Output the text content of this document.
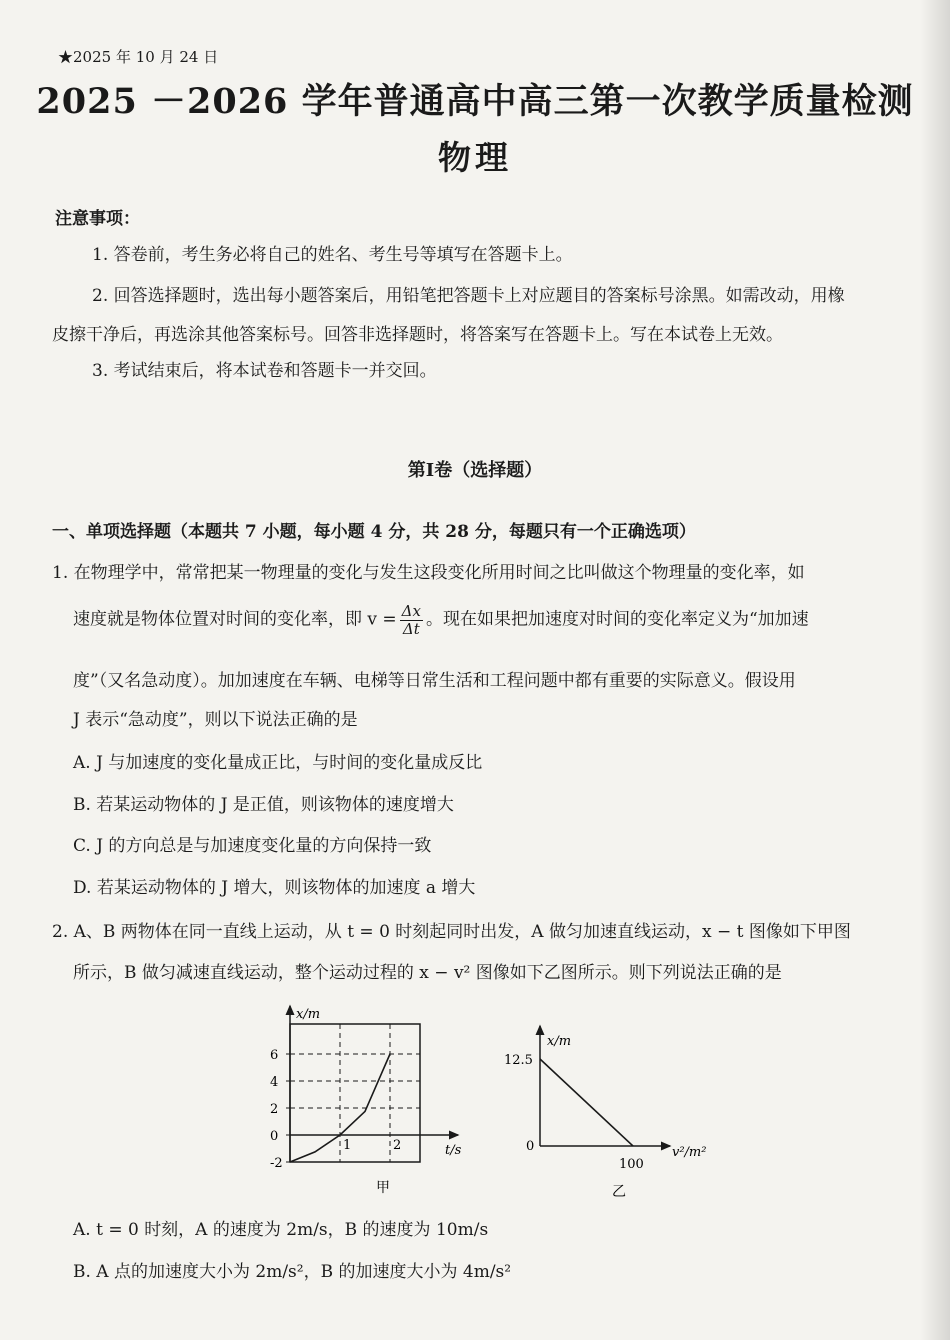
★2025 年 10 月 24 日
2025 －2026 学年普通高中高三第一次教学质量检测
物理
注意事项：
1. 答卷前，考生务必将自己的姓名、考生号等填写在答题卡上。
2. 回答选择题时，选出每小题答案后，用铅笔把答题卡上对应题目的答案标号涂黑。如需改动，用橡
皮擦干净后，再选涂其他答案标号。回答非选择题时，将答案写在答题卡上。写在本试卷上无效。
3. 考试结束后，将本试卷和答题卡一并交回。
第Ⅰ卷（选择题）
一、单项选择题（本题共 7 小题，每小题 4 分，共 28 分，每题只有一个正确选项）
1. 在物理学中，常常把某一物理量的变化与发生这段变化所用时间之比叫做这个物理量的变化率，如
速度就是物体位置对时间的变化率，即 $v = \frac{\Delta x}{\Delta t}$ 。现在如果把加速度对时间的变化率定义为“加加速
度”（又名急动度）。加加速度在车辆、电梯等日常生活和工程问题中都有重要的实际意义。假设用
J 表示“急动度”，则以下说法正确的是
A. J 与加速度的变化量成正比，与时间的变化量成反比
B. 若某运动物体的 J 是正值，则该物体的速度增大
C. J 的方向总是与加速度变化量的方向保持一致
D. 若某运动物体的 J 增大，则该物体的加速度 a 增大
2. A、B 两物体在同一直线上运动，从 t = 0 时刻起同时出发，A 做匀加速直线运动，x − t 图像如下甲图
所示，B 做匀减速直线运动，整个运动过程的 x − v² 图像如下乙图所示。则下列说法正确的是
-2
0
2
4
6
1	2
12.5
0
100
x/m
t/s
甲
x/m
v²/m²
乙
A. t = 0 时刻，A 的速度为 2m/s，B 的速度为 10m/s
B. A 点的加速度大小为 2m/s²，B 的加速度大小为 4m/s²
